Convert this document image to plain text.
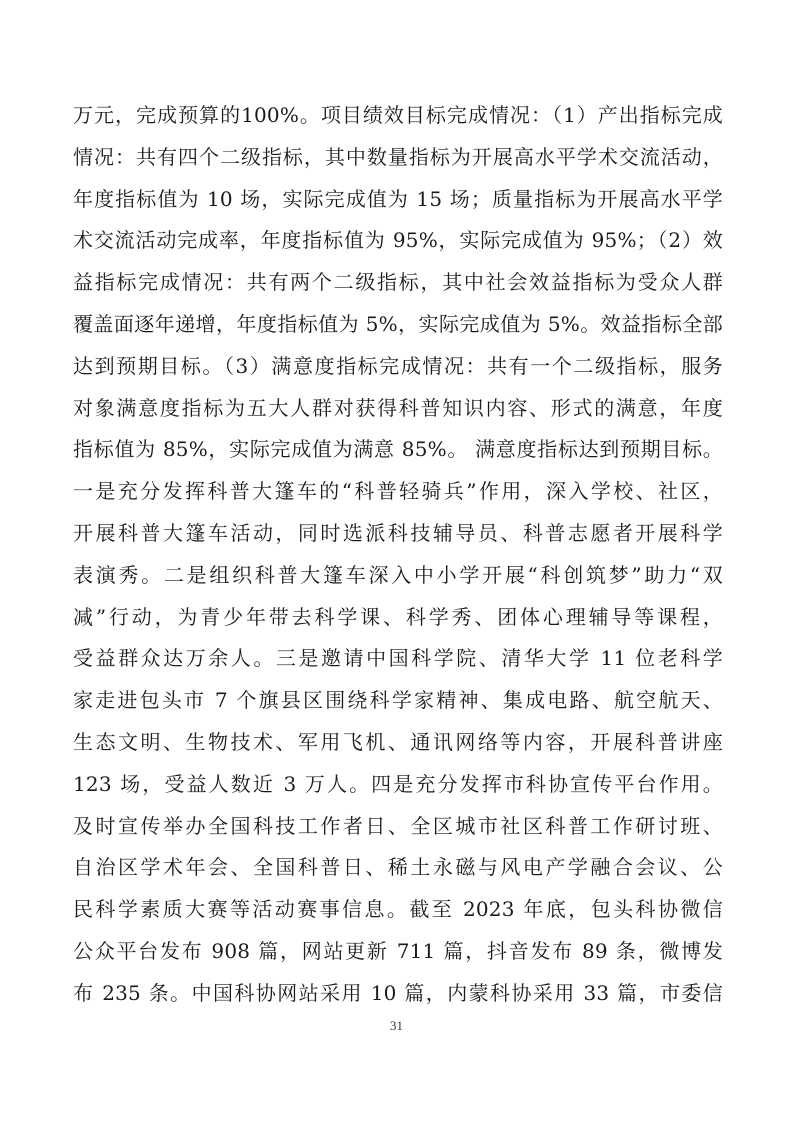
万元，完成预算的100%。项目绩效目标完成情况：（1）产出指标完成
情况：共有四个二级指标，其中数量指标为开展高水平学术交流活动，
年度指标值为 10 场，实际完成值为 15 场；质量指标为开展高水平学
术交流活动完成率，年度指标值为 95%，实际完成值为 95%；（2）效
益指标完成情况：共有两个二级指标，其中社会效益指标为受众人群
覆盖面逐年递增，年度指标值为 5%，实际完成值为 5%。效益指标全部
达到预期目标。（3）满意度指标完成情况：共有一个二级指标，服务
对象满意度指标为五大人群对获得科普知识内容、形式的满意，年度
指标值为 85%，实际完成值为满意 85%。 满意度指标达到预期目标。
一是充分发挥科普大篷车的“科普轻骑兵”作用，深入学校、社区，
开展科普大篷车活动，同时选派科技辅导员、科普志愿者开展科学
表演秀。二是组织科普大篷车深入中小学开展“科创筑梦”助力“双
减”行动，为青少年带去科学课、科学秀、团体心理辅导等课程，
受益群众达万余人。三是邀请中国科学院、清华大学 11 位老科学
家走进包头市 7 个旗县区围绕科学家精神、集成电路、航空航天、
生态文明、生物技术、军用飞机、通讯网络等内容，开展科普讲座
123 场，受益人数近 3 万人。四是充分发挥市科协宣传平台作用。
及时宣传举办全国科技工作者日、全区城市社区科普工作研讨班、
自治区学术年会、全国科普日、稀土永磁与风电产学融合会议、公
民科学素质大赛等活动赛事信息。截至 2023 年底，包头科协微信
公众平台发布 908 篇，网站更新 711 篇，抖音发布 89 条，微博发
布 235 条。中国科协网站采用 10 篇，内蒙科协采用 33 篇，市委信
31
